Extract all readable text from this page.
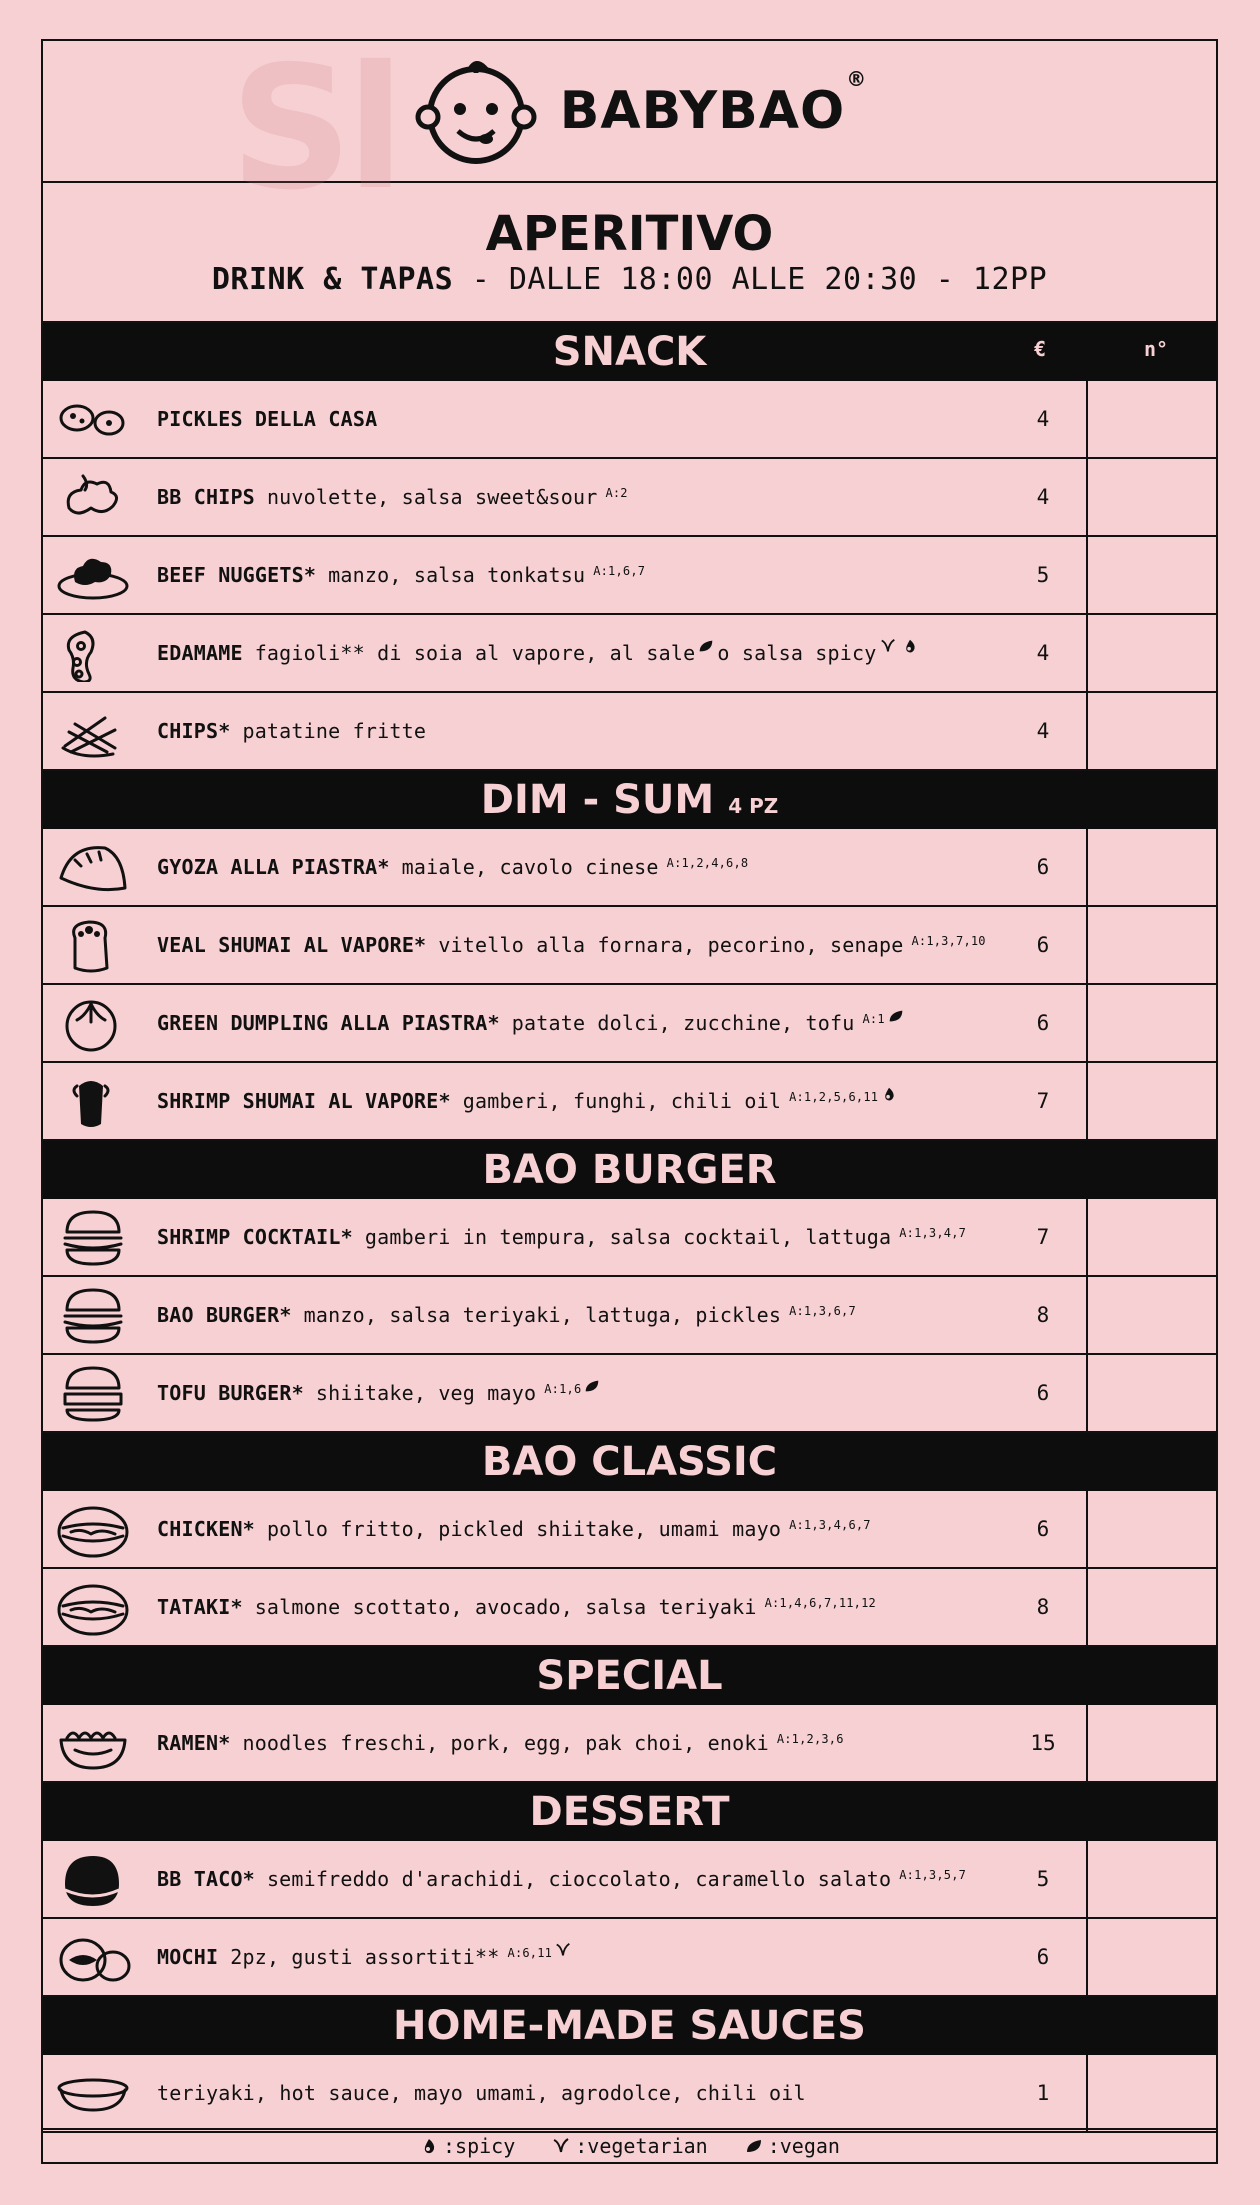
BABYBAO
®
APERITIVO
DRINK & TAPAS - DALLE 18:00 ALLE 20:30 - 12PP
SNACK	€	n°
PICKLES DELLA CASA	4
BB CHIPS nuvolette, salsa sweet&sour $^{A:2}$	4
BEEF NUGGETS* manzo, salsa tonkatsu $^{A:1,6,7}$	5
EDAMAME fagioli** di soia al vapore, al sale o salsa spicy	4
CHIPS* patatine fritte	4
DIM - SUM 4 PZ
GYOZA ALLA PIASTRA* maiale, cavolo cinese $^{A:1,2,4,6,8}$	6
VEAL SHUMAI AL VAPORE* vitello alla fornara, pecorino, senape $^{A:1,3,7,10}$	6
GREEN DUMPLING ALLA PIASTRA* patate dolci, zucchine, tofu $^{A:1}$	6
SHRIMP SHUMAI AL VAPORE* gamberi, funghi, chili oil $^{A:1,2,5,6,11}$	7
BAO BURGER
SHRIMP COCKTAIL* gamberi in tempura, salsa cocktail, lattuga $^{A:1,3,4,7}$	7
BAO BURGER* manzo, salsa teriyaki, lattuga, pickles $^{A:1,3,6,7}$	8
TOFU BURGER* shiitake, veg mayo $^{A:1,6}$	6
BAO CLASSIC
CHICKEN* pollo fritto, pickled shiitake, umami mayo $^{A:1,3,4,6,7}$	6
TATAKI* salmone scottato, avocado, salsa teriyaki $^{A:1,4,6,7,11,12}$	8
SPECIAL
RAMEN* noodles freschi, pork, egg, pak choi, enoki $^{A:1,2,3,6}$	15
DESSERT
BB TACO* semifreddo d'arachidi, cioccolato, caramello salato $^{A:1,3,5,7}$	5
MOCHI 2pz, gusti assortiti** $^{A:6,11}$	6
HOME-MADE SAUCES
teriyaki, hot sauce, mayo umami, agrodolce, chili oil	1
:spicy	:vegetarian	:vegan
Sl
